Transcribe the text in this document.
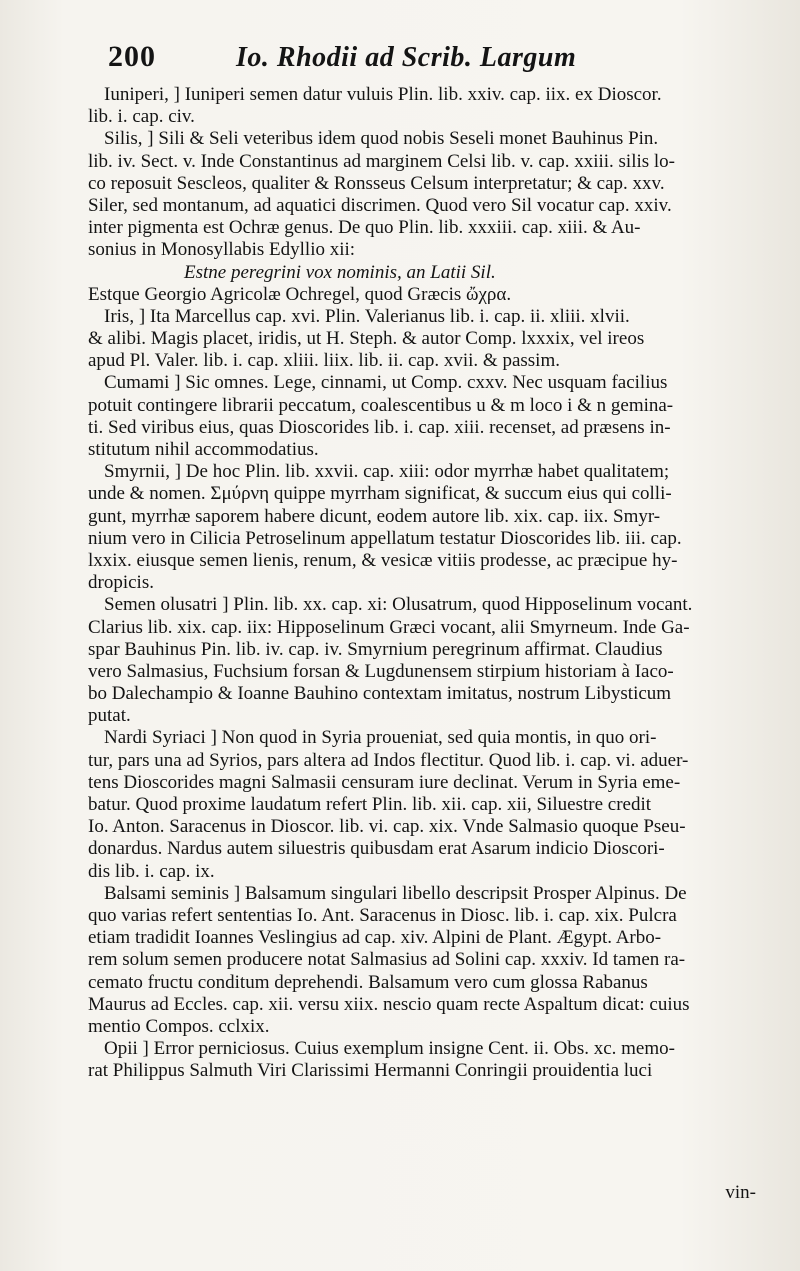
200	Io. Rhodii ad Scrib. Largum
Iuniperi, ] Iuniperi semen datur vuluis Plin. lib. xxiv. cap. iix. ex Dioscor.
lib. i. cap. civ.
Silis, ] Sili & Seli veteribus idem quod nobis Seseli monet Bauhinus Pin.
lib. iv. Sect. v. Inde Constantinus ad marginem Celsi lib. v. cap. xxiii. silis lo-
co reposuit Sescleos, qualiter & Ronsseus Celsum interpretatur; & cap. xxv.
Siler, sed montanum, ad aquatici discrimen. Quod vero Sil vocatur cap. xxiv.
inter pigmenta est Ochræ genus. De quo Plin. lib. xxxiii. cap. xiii. & Au-
sonius in Monosyllabis Edyllio xii:
Estne peregrini vox nominis, an Latii Sil.
Estque Georgio Agricolæ Ochregel, quod Græcis ὤχρα.
Iris, ] Ita Marcellus cap. xvi. Plin. Valerianus lib. i. cap. ii. xliii. xlvii.
& alibi. Magis placet, iridis, ut H. Steph. & autor Comp. lxxxix, vel ireos
apud Pl. Valer. lib. i. cap. xliii. liix. lib. ii. cap. xvii. & passim.
Cumami ] Sic omnes. Lege, cinnami, ut Comp. cxxv. Nec usquam facilius
potuit contingere librarii peccatum, coalescentibus u & m loco i & n gemina-
ti. Sed viribus eius, quas Dioscorides lib. i. cap. xiii. recenset, ad præsens in-
stitutum nihil accommodatius.
Smyrnii, ] De hoc Plin. lib. xxvii. cap. xiii: odor myrrhæ habet qualitatem;
unde & nomen. Σμύρνη quippe myrrham significat, & succum eius qui colli-
gunt, myrrhæ saporem habere dicunt, eodem autore lib. xix. cap. iix. Smyr-
nium vero in Cilicia Petroselinum appellatum testatur Dioscorides lib. iii. cap.
lxxix. eiusque semen lienis, renum, & vesicæ vitiis prodesse, ac præcipue hy-
dropicis.
Semen olusatri ] Plin. lib. xx. cap. xi: Olusatrum, quod Hipposelinum vocant.
Clarius lib. xix. cap. iix: Hipposelinum Græci vocant, alii Smyrneum. Inde Ga-
spar Bauhinus Pin. lib. iv. cap. iv. Smyrnium peregrinum affirmat. Claudius
vero Salmasius, Fuchsium forsan & Lugdunensem stirpium historiam à Iaco-
bo Dalechampio & Ioanne Bauhino contextam imitatus, nostrum Libysticum
putat.
Nardi Syriaci ] Non quod in Syria proueniat, sed quia montis, in quo ori-
tur, pars una ad Syrios, pars altera ad Indos flectitur. Quod lib. i. cap. vi. aduer-
tens Dioscorides magni Salmasii censuram iure declinat. Verum in Syria eme-
batur. Quod proxime laudatum refert Plin. lib. xii. cap. xii, Siluestre credit
Io. Anton. Saracenus in Dioscor. lib. vi. cap. xix. Vnde Salmasio quoque Pseu-
donardus. Nardus autem siluestris quibusdam erat Asarum indicio Dioscori-
dis lib. i. cap. ix.
Balsami seminis ] Balsamum singulari libello descripsit Prosper Alpinus. De
quo varias refert sententias Io. Ant. Saracenus in Diosc. lib. i. cap. xix. Pulcra
etiam tradidit Ioannes Veslingius ad cap. xiv. Alpini de Plant. Ægypt. Arbo-
rem solum semen producere notat Salmasius ad Solini cap. xxxiv. Id tamen ra-
cemato fructu conditum deprehendi. Balsamum vero cum glossa Rabanus
Maurus ad Eccles. cap. xii. versu xiix. nescio quam recte Aspaltum dicat: cuius
mentio Compos. cclxix.
Opii ] Error perniciosus. Cuius exemplum insigne Cent. ii. Obs. xc. memo-
rat Philippus Salmuth Viri Clarissimi Hermanni Conringii prouidentia luci
vin-
